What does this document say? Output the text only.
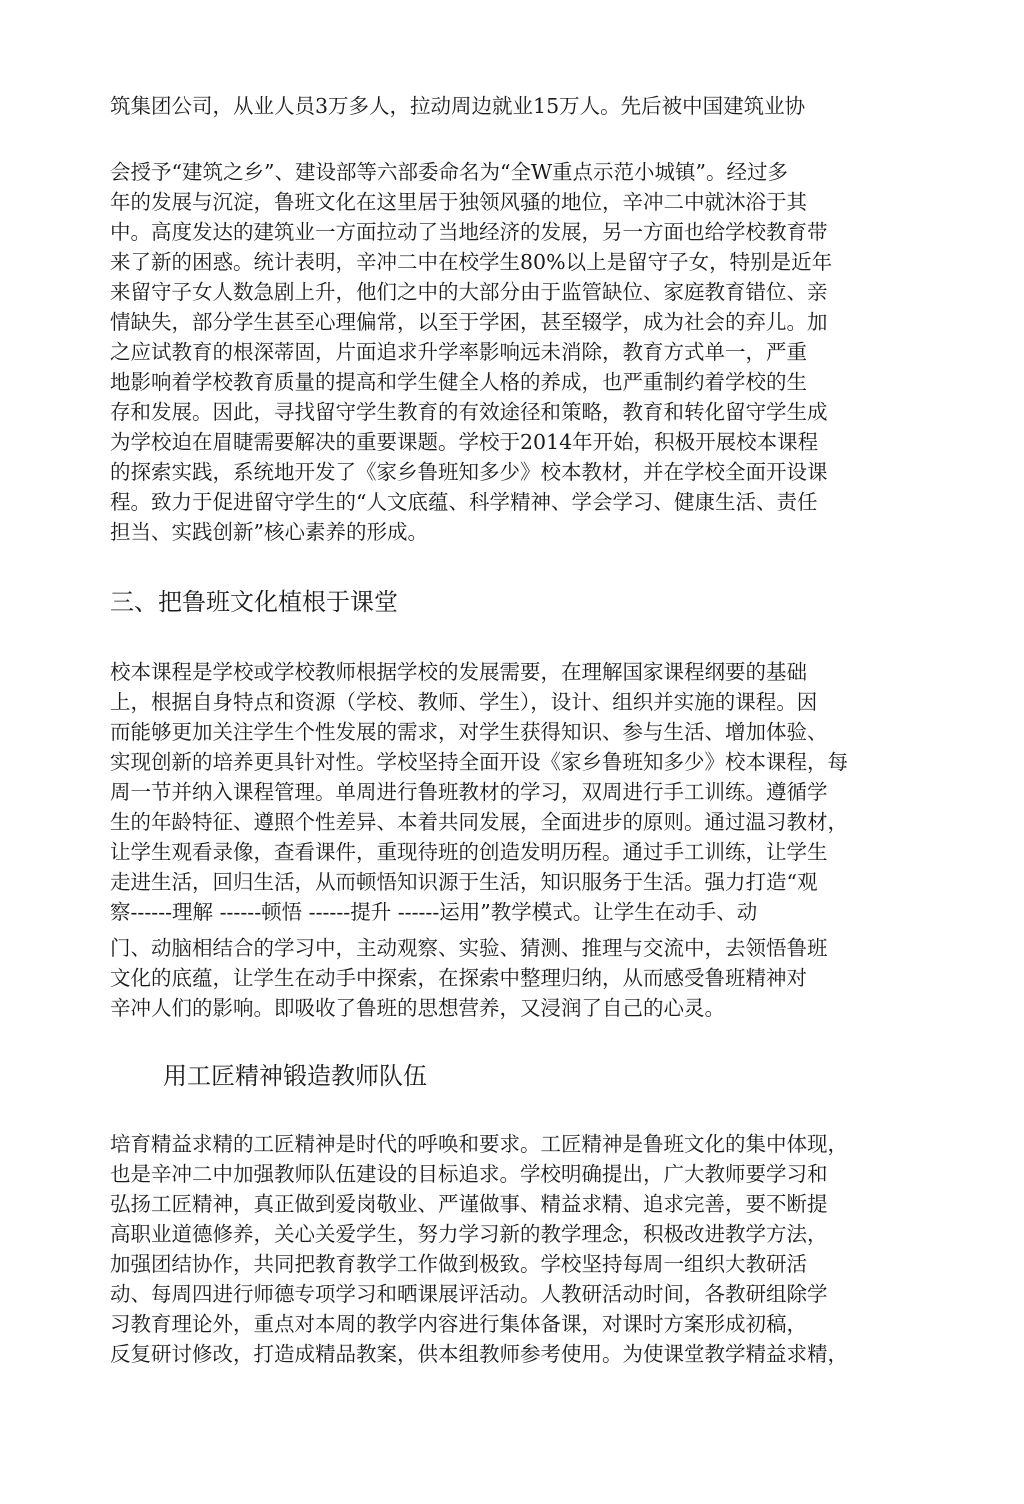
筑集团公司，从业人员3万多人，拉动周边就业15万人。先后被中国建筑业协
会授予“建筑之乡”、建设部等六部委命名为“全W重点示范小城镇”。经过多
年的发展与沉淀，鲁班文化在这里居于独领风骚的地位，辛冲二中就沐浴于其
中。高度发达的建筑业一方面拉动了当地经济的发展，另一方面也给学校教育带
来了新的困惑。统计表明，辛冲二中在校学生80%以上是留守子女，特别是近年
来留守子女人数急剧上升，他们之中的大部分由于监管缺位、家庭教育错位、亲
情缺失，部分学生甚至心理偏常，以至于学困，甚至辍学，成为社会的弃儿。加
之应试教育的根深蒂固，片面追求升学率影响远未消除，教育方式单一，严重
地影响着学校教育质量的提高和学生健全人格的养成，也严重制约着学校的生
存和发展。因此，寻找留守学生教育的有效途径和策略，教育和转化留守学生成
为学校迫在眉睫需要解决的重要课题。学校于2014年开始，积极开展校本课程
的探索实践，系统地开发了《家乡鲁班知多少》校本教材，并在学校全面开设课
程。致力于促进留守学生的“人文底蕴、科学精神、学会学习、健康生活、责任
担当、实践创新”核心素养的形成。
三、把鲁班文化植根于课堂
校本课程是学校或学校教师根据学校的发展需要，在理解国家课程纲要的基础
上，根据自身特点和资源（学校、教师、学生），设计、组织并实施的课程。因
而能够更加关注学生个性发展的需求，对学生获得知识、参与生活、增加体验、
实现创新的培养更具针对性。学校坚持全面开设《家乡鲁班知多少》校本课程，每
周一节并纳入课程管理。单周进行鲁班教材的学习，双周进行手工训练。遵循学
生的年龄特征、遵照个性差异、本着共同发展，全面进步的原则。通过温习教材，
让学生观看录像，查看课件，重现待班的创造发明历程。通过手工训练，让学生
走进生活，回归生活，从而顿悟知识源于生活，知识服务于生活。强力打造“观
察------理解 ------顿悟 ------提升 ------运用”教学模式。让学生在动手、动
门、动脑相结合的学习中，主动观察、实验、猜测、推理与交流中，去领悟鲁班
文化的底蕴，让学生在动手中探索，在探索中整理归纳，从而感受鲁班精神对
辛冲人们的影响。即吸收了鲁班的思想营养，又浸润了自己的心灵。
用工匠精神锻造教师队伍
培育精益求精的工匠精神是时代的呼唤和要求。工匠精神是鲁班文化的集中体现，
也是辛冲二中加强教师队伍建设的目标追求。学校明确提出，广大教师要学习和
弘扬工匠精神，真正做到爱岗敬业、严谨做事、精益求精、追求完善，要不断提
高职业道德修养，关心关爱学生，努力学习新的教学理念，积极改进教学方法，
加强团结协作，共同把教育教学工作做到极致。学校坚持每周一组织大教研活
动、每周四进行师德专项学习和晒课展评活动。人教研活动时间，各教研组除学
习教育理论外，重点对本周的教学内容进行集体备课，对课时方案形成初稿，
反复研讨修改，打造成精品教案，供本组教师参考使用。为使课堂教学精益求精，
